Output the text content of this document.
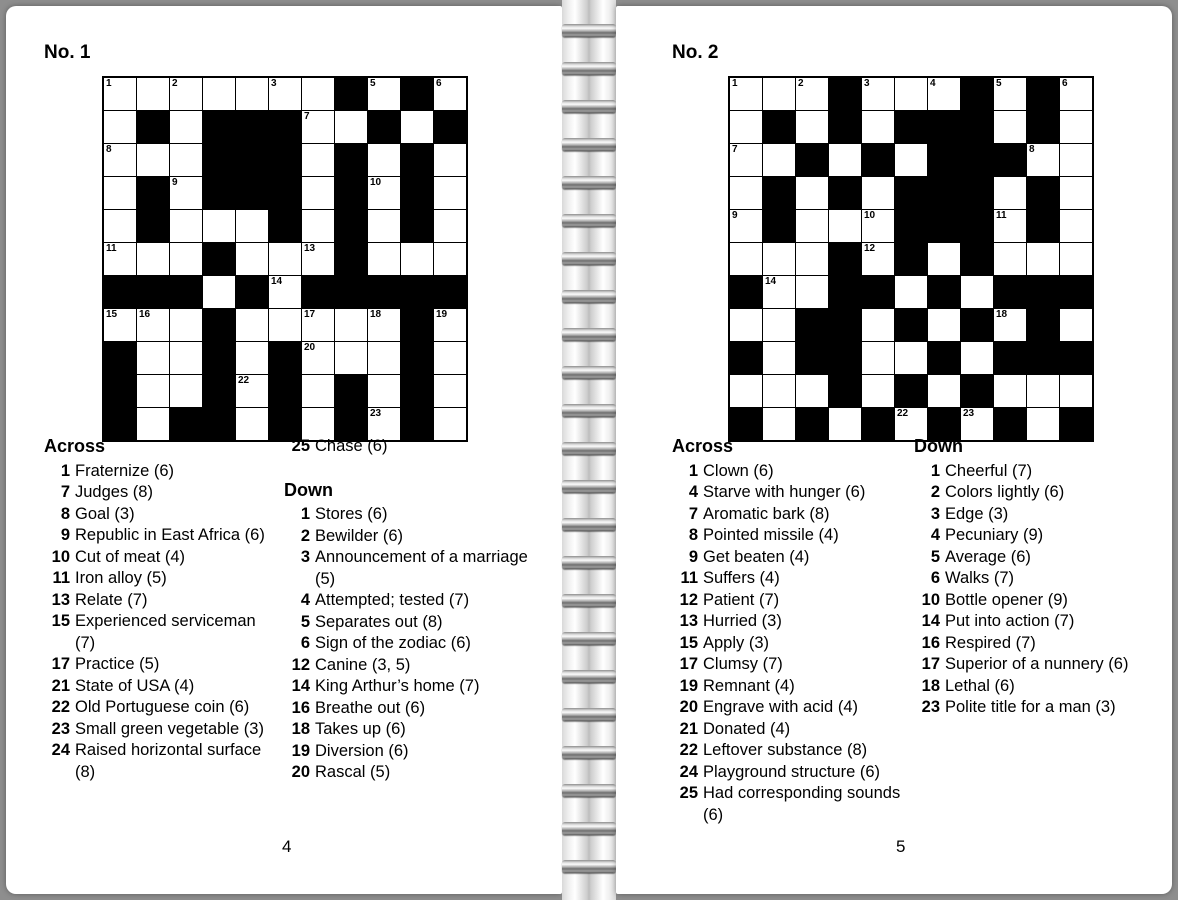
No. 1
1	2	3	5	6
7
8
9	10
11	13
14
15 16	17	18	19
20
22
23
Across
1 Fraternize (6)
7 Judges (8)
8 Goal (3)
9 Republic in East Africa (6)
10 Cut of meat (4)
11 Iron alloy (5)
13 Relate (7)
15 Experienced serviceman (7)
17 Practice (5)
21 State of USA (4)
22 Old Portuguese coin (6)
23 Small green vegetable (3)
24 Raised horizontal surface (8)
25 Chase (6)
Down
1 Stores (6)
2 Bewilder (6)
3 Announcement of a marriage (5)
4 Attempted; tested (7)
5 Separates out (8)
6 Sign of the zodiac (6)
12 Canine (3, 5)
14 King Arthur’s home (7)
16 Breathe out (6)
18 Takes up (6)
19 Diversion (6)
20 Rascal (5)
4
No. 2
1	2	3	4	5	6
7	8
9	10	11
12
14
18
22	23
Across
1 Clown (6)
4 Starve with hunger (6)
7 Aromatic bark (8)
8 Pointed missile (4)
9 Get beaten (4)
11 Suffers (4)
12 Patient (7)
13 Hurried (3)
15 Apply (3)
17 Clumsy (7)
19 Remnant (4)
20 Engrave with acid (4)
21 Donated (4)
22 Leftover substance (8)
24 Playground structure (6)
25 Had corresponding sounds (6)
Down
1 Cheerful (7)
2 Colors lightly (6)
3 Edge (3)
4 Pecuniary (9)
5 Average (6)
6 Walks (7)
10 Bottle opener (9)
14 Put into action (7)
16 Respired (7)
17 Superior of a nunnery (6)
18 Lethal (6)
23 Polite title for a man (3)
5
